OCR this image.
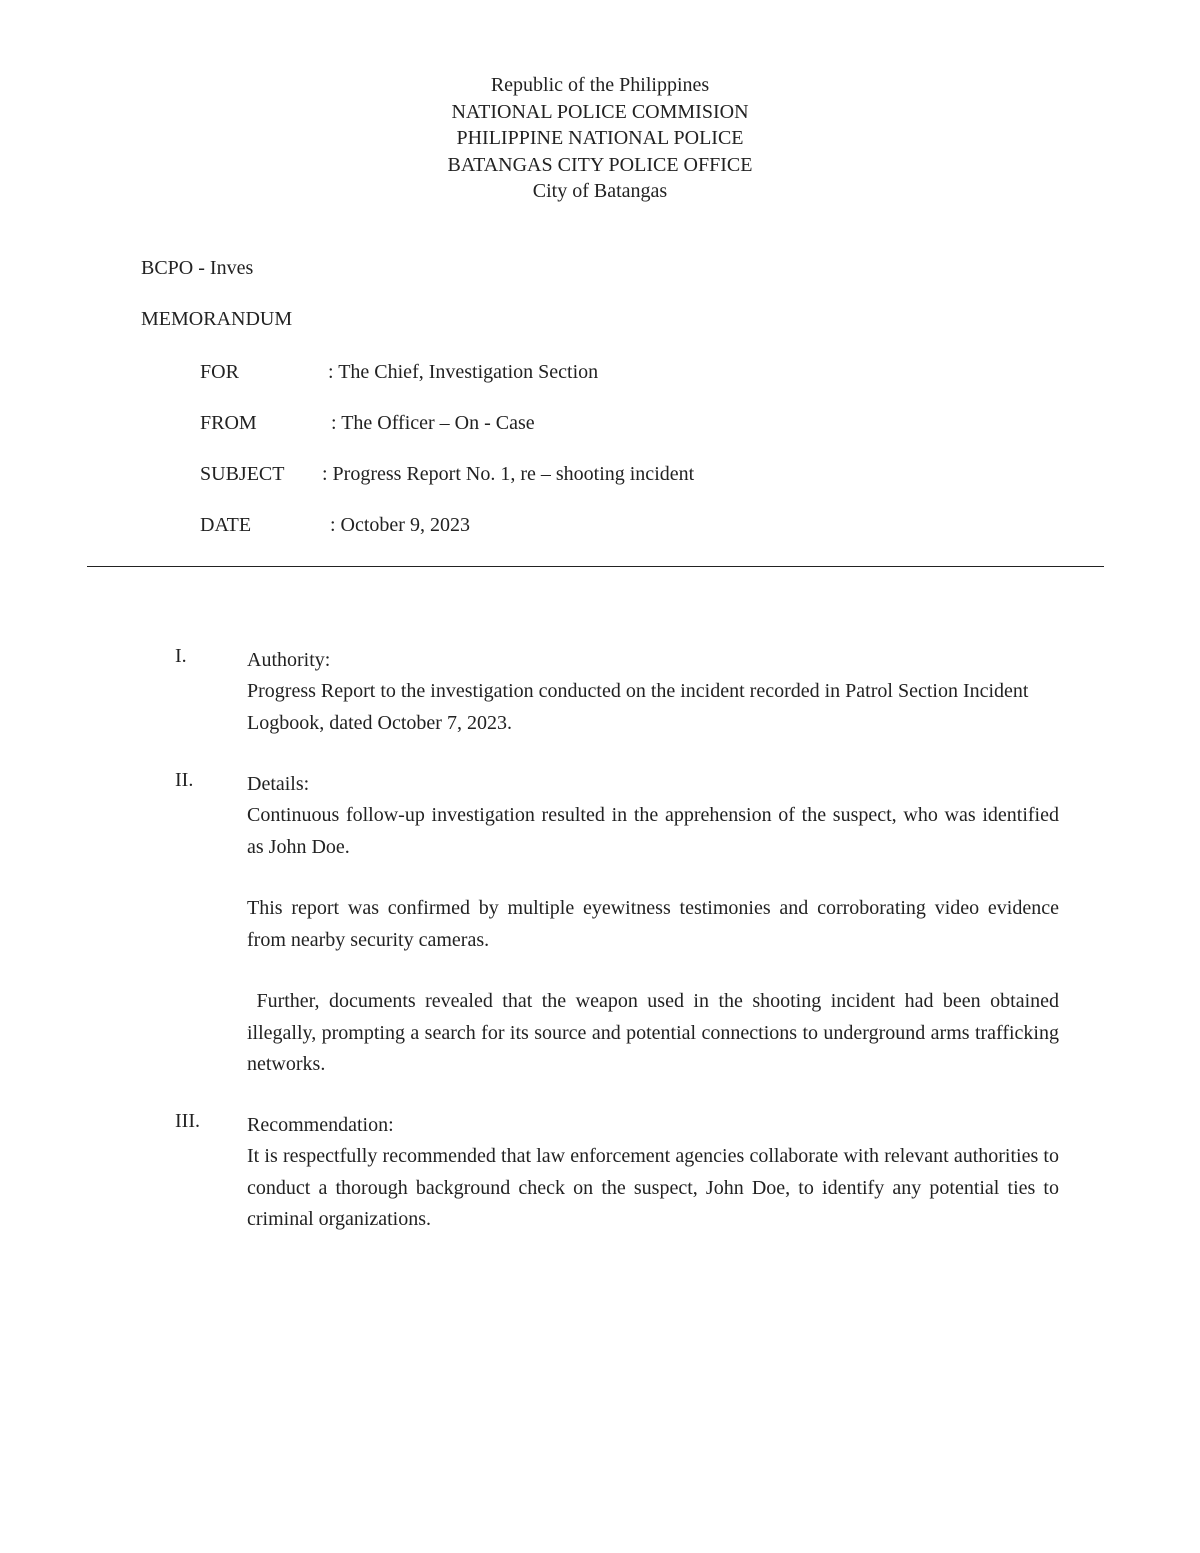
Republic of the Philippines
NATIONAL POLICE COMMISION
PHILIPPINE NATIONAL POLICE
BATANGAS CITY POLICE OFFICE
City of Batangas
BCPO - Inves
MEMORANDUM
FOR	: The Chief, Investigation Section
FROM	: The Officer – On - Case
SUBJECT : Progress Report No. 1, re – shooting incident
DATE	: October 9, 2023
I.	Authority:

Progress Report to the investigation conducted on the incident recorded in Patrol Section Incident Logbook, dated October 7, 2023.

II.	Details:

Continuous follow-up investigation resulted in the apprehension of the suspect, who was identified as John Doe.

This report was confirmed by multiple eyewitness testimonies and corroborating video evidence from nearby security cameras.

Further, documents revealed that the weapon used in the shooting incident had been obtained illegally, prompting a search for its source and potential connections to underground arms trafficking networks.

III. Recommendation:

It is respectfully recommended that law enforcement agencies collaborate with relevant authorities to conduct a thorough background check on the suspect, John Doe, to identify any potential ties to criminal organizations.
